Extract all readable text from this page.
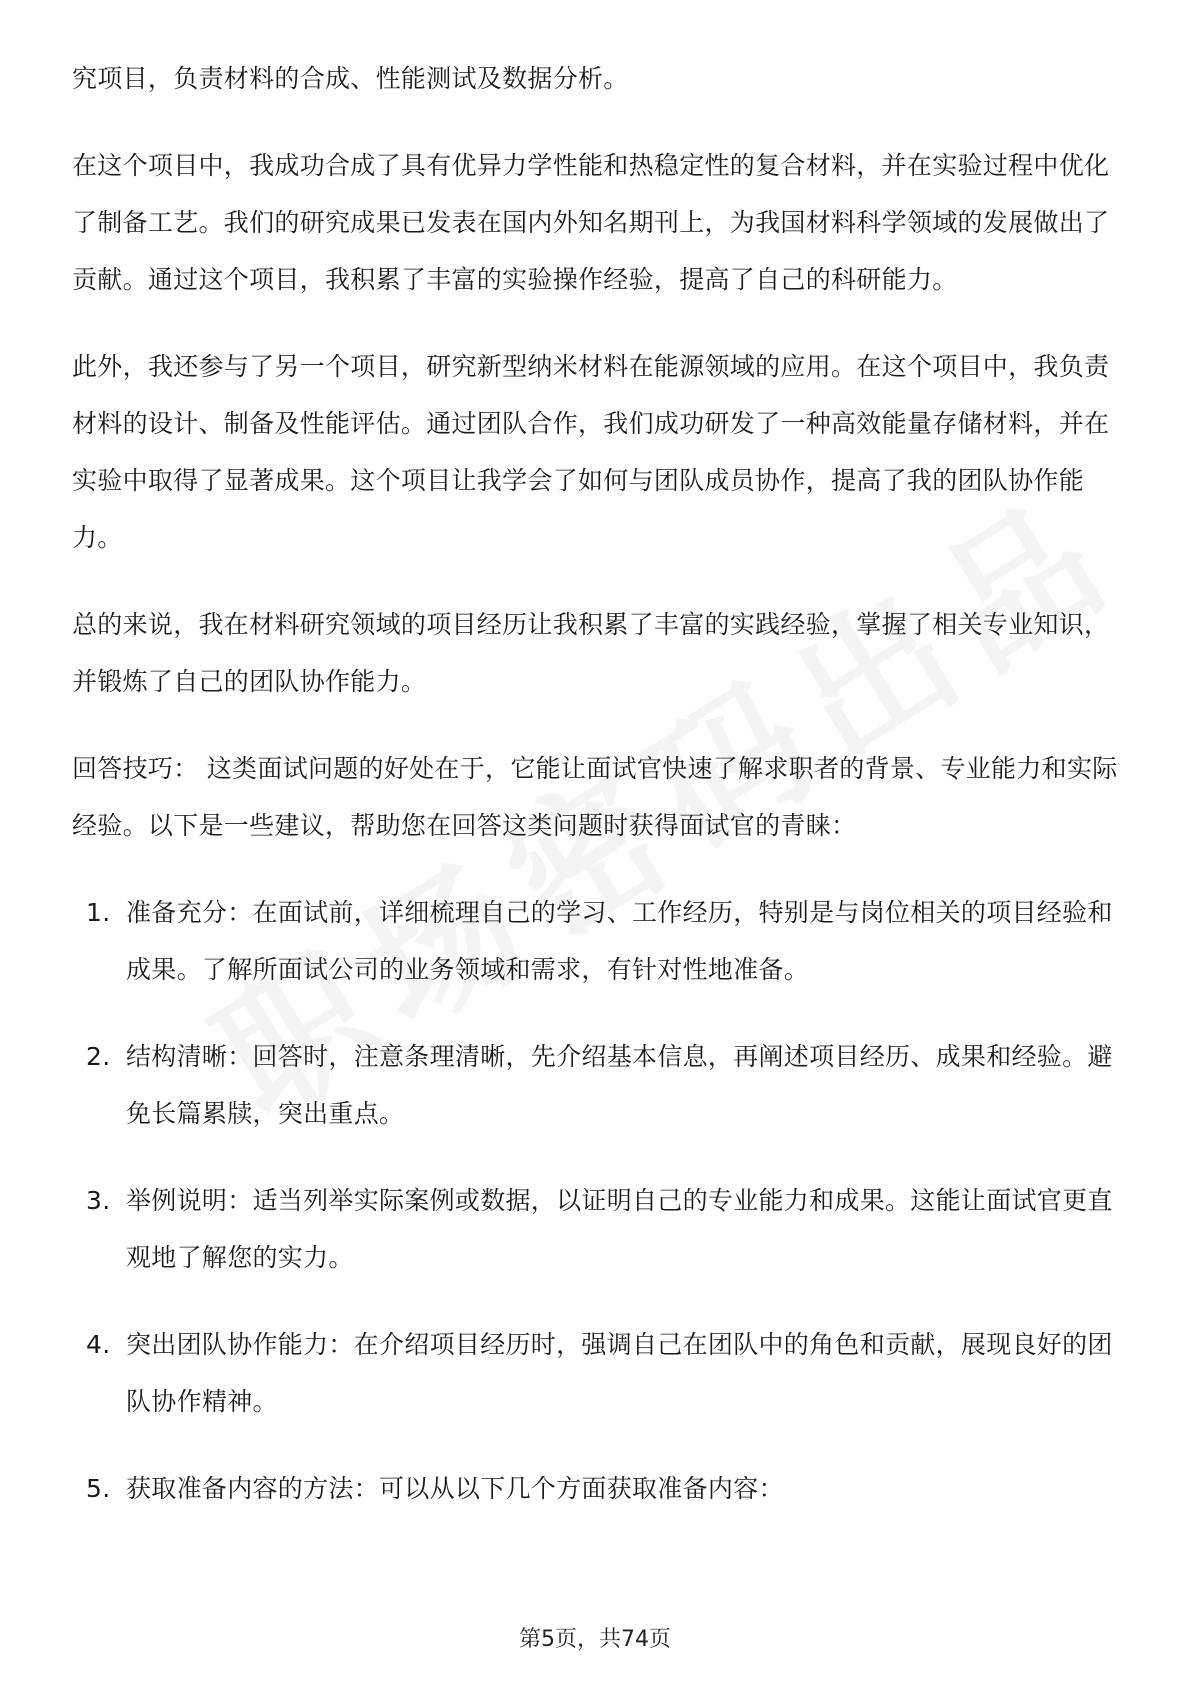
究项目，负责材料的合成、性能测试及数据分析。

在这个项目中，我成功合成了具有优异力学性能和热稳定性的复合材料，并在实验过程中优化了制备工艺。我们的研究成果已发表在国内外知名期刊上，为我国材料科学领域的发展做出了贡献。通过这个项目，我积累了丰富的实验操作经验，提高了自己的科研能力。

此外，我还参与了另一个项目，研究新型纳米材料在能源领域的应用。在这个项目中，我负责材料的设计、制备及性能评估。通过团队合作，我们成功研发了一种高效能量存储材料，并在实验中取得了显著成果。这个项目让我学会了如何与团队成员协作，提高了我的团队协作能力。

总的来说，我在材料研究领域的项目经历让我积累了丰富的实践经验，掌握了相关专业知识，并锻炼了自己的团队协作能力。

回答技巧： 这类面试问题的好处在于，它能让面试官快速了解求职者的背景、专业能力和实际经验。以下是一些建议，帮助您在回答这类问题时获得面试官的青睐：

1. 准备充分：在面试前，详细梳理自己的学习、工作经历，特别是与岗位相关的项目经验和成果。了解所面试公司的业务领域和需求，有针对性地准备。
2. 结构清晰：回答时，注意条理清晰，先介绍基本信息，再阐述项目经历、成果和经验。避免长篇累牍，突出重点。
3. 举例说明：适当列举实际案例或数据，以证明自己的专业能力和成果。这能让面试官更直观地了解您的实力。
4. 突出团队协作能力：在介绍项目经历时，强调自己在团队中的角色和贡献，展现良好的团队协作精神。
5. 获取准备内容的方法：可以从以下几个方面获取准备内容：
第5页，共74页
